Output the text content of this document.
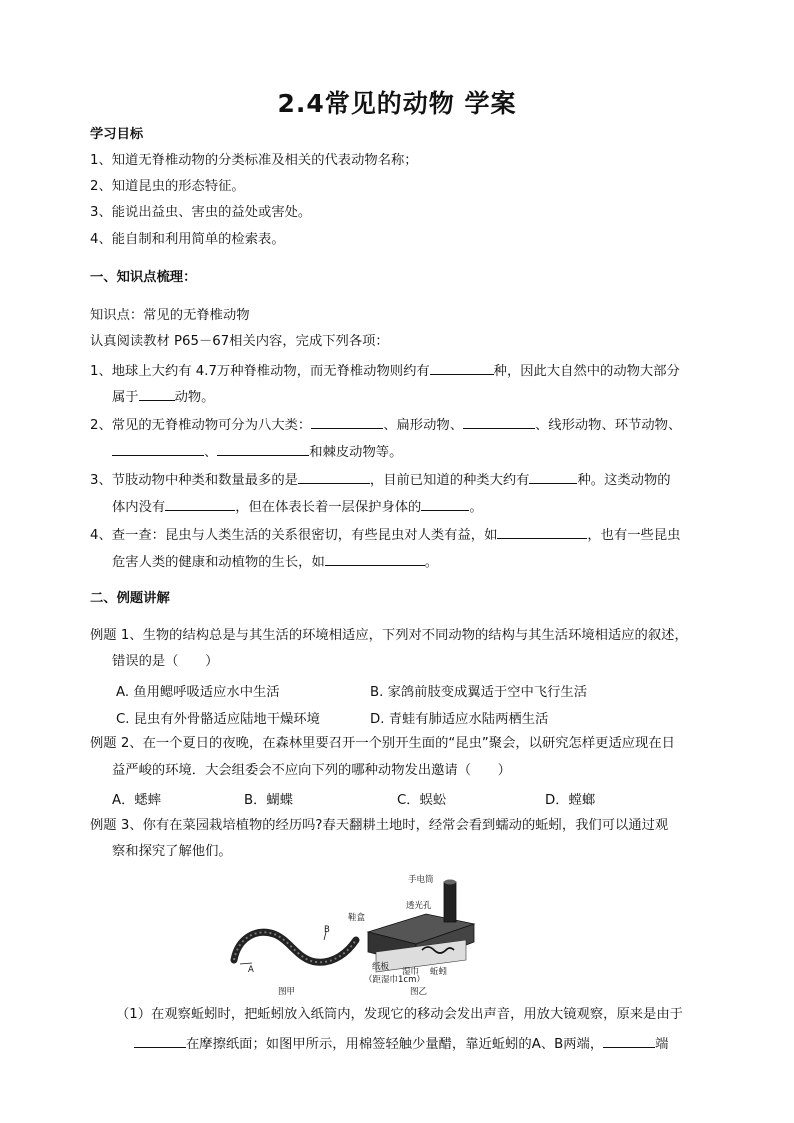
2.4常见的动物 学案
学习目标
1、知道无脊椎动物的分类标准及相关的代表动物名称；
2、知道昆虫的形态特征。
3、能说出益虫、害虫的益处或害处。
4、能自制和利用简单的检索表。
一、知识点梳理：
知识点：常见的无脊椎动物
认真阅读教材 P65－67相关内容，完成下列各项：
1、地球上大约有 4.7万种脊椎动物，而无脊椎动物则约有	种，因此大自然中的动物大部分
属于	动物。
2、常见的无脊椎动物可分为八大类：	、扁形动物、	、线形动物、环节动物、
、	和棘皮动物等。
3、节肢动物中种类和数量最多的是	，目前已知道的种类大约有	种。这类动物的
体内没有	，但在体表长着一层保护身体的	。
4、查一查：昆虫与人类生活的关系很密切，有些昆虫对人类有益，如	，也有一些昆虫
危害人类的健康和动植物的生长，如	。
二、例题讲解
例题 1、生物的结构总是与其生活的环境相适应，下列对不同动物的结构与其生活环境相适应的叙述，
错误的是（　　）
A. 鱼用鳃呼吸适应水中生活	B. 家鸽前肢变成翼适于空中飞行生活
C. 昆虫有外骨骼适应陆地干燥环境	D. 青蛙有肺适应水陆两栖生活
例题 2、在一个夏日的夜晚，在森林里要召开一个别开生面的“昆虫”聚会，以研究怎样更适应现在日
益严峻的环境．大会组委会不应向下列的哪种动物发出邀请（　　）
A．蟋蟀	B．蝴蝶	C．蜈蚣	D．螳螂
例题 3、你有在菜园栽培植物的经历吗?春天翻耕土地时，经常会看到蠕动的蚯蚓，我们可以通过观
察和探究了解他们。
A
B
图甲
手电筒
透光孔
鞋盒
纸板 湿巾 蚯蚓
（距湿巾1cm）
图乙
（1）在观察蚯蚓时，把蚯蚓放入纸筒内，发现它的移动会发出声音，用放大镜观察，原来是由于
在摩擦纸面；如图甲所示，用棉签轻触少量醋，靠近蚯蚓的A、B两端，	端
